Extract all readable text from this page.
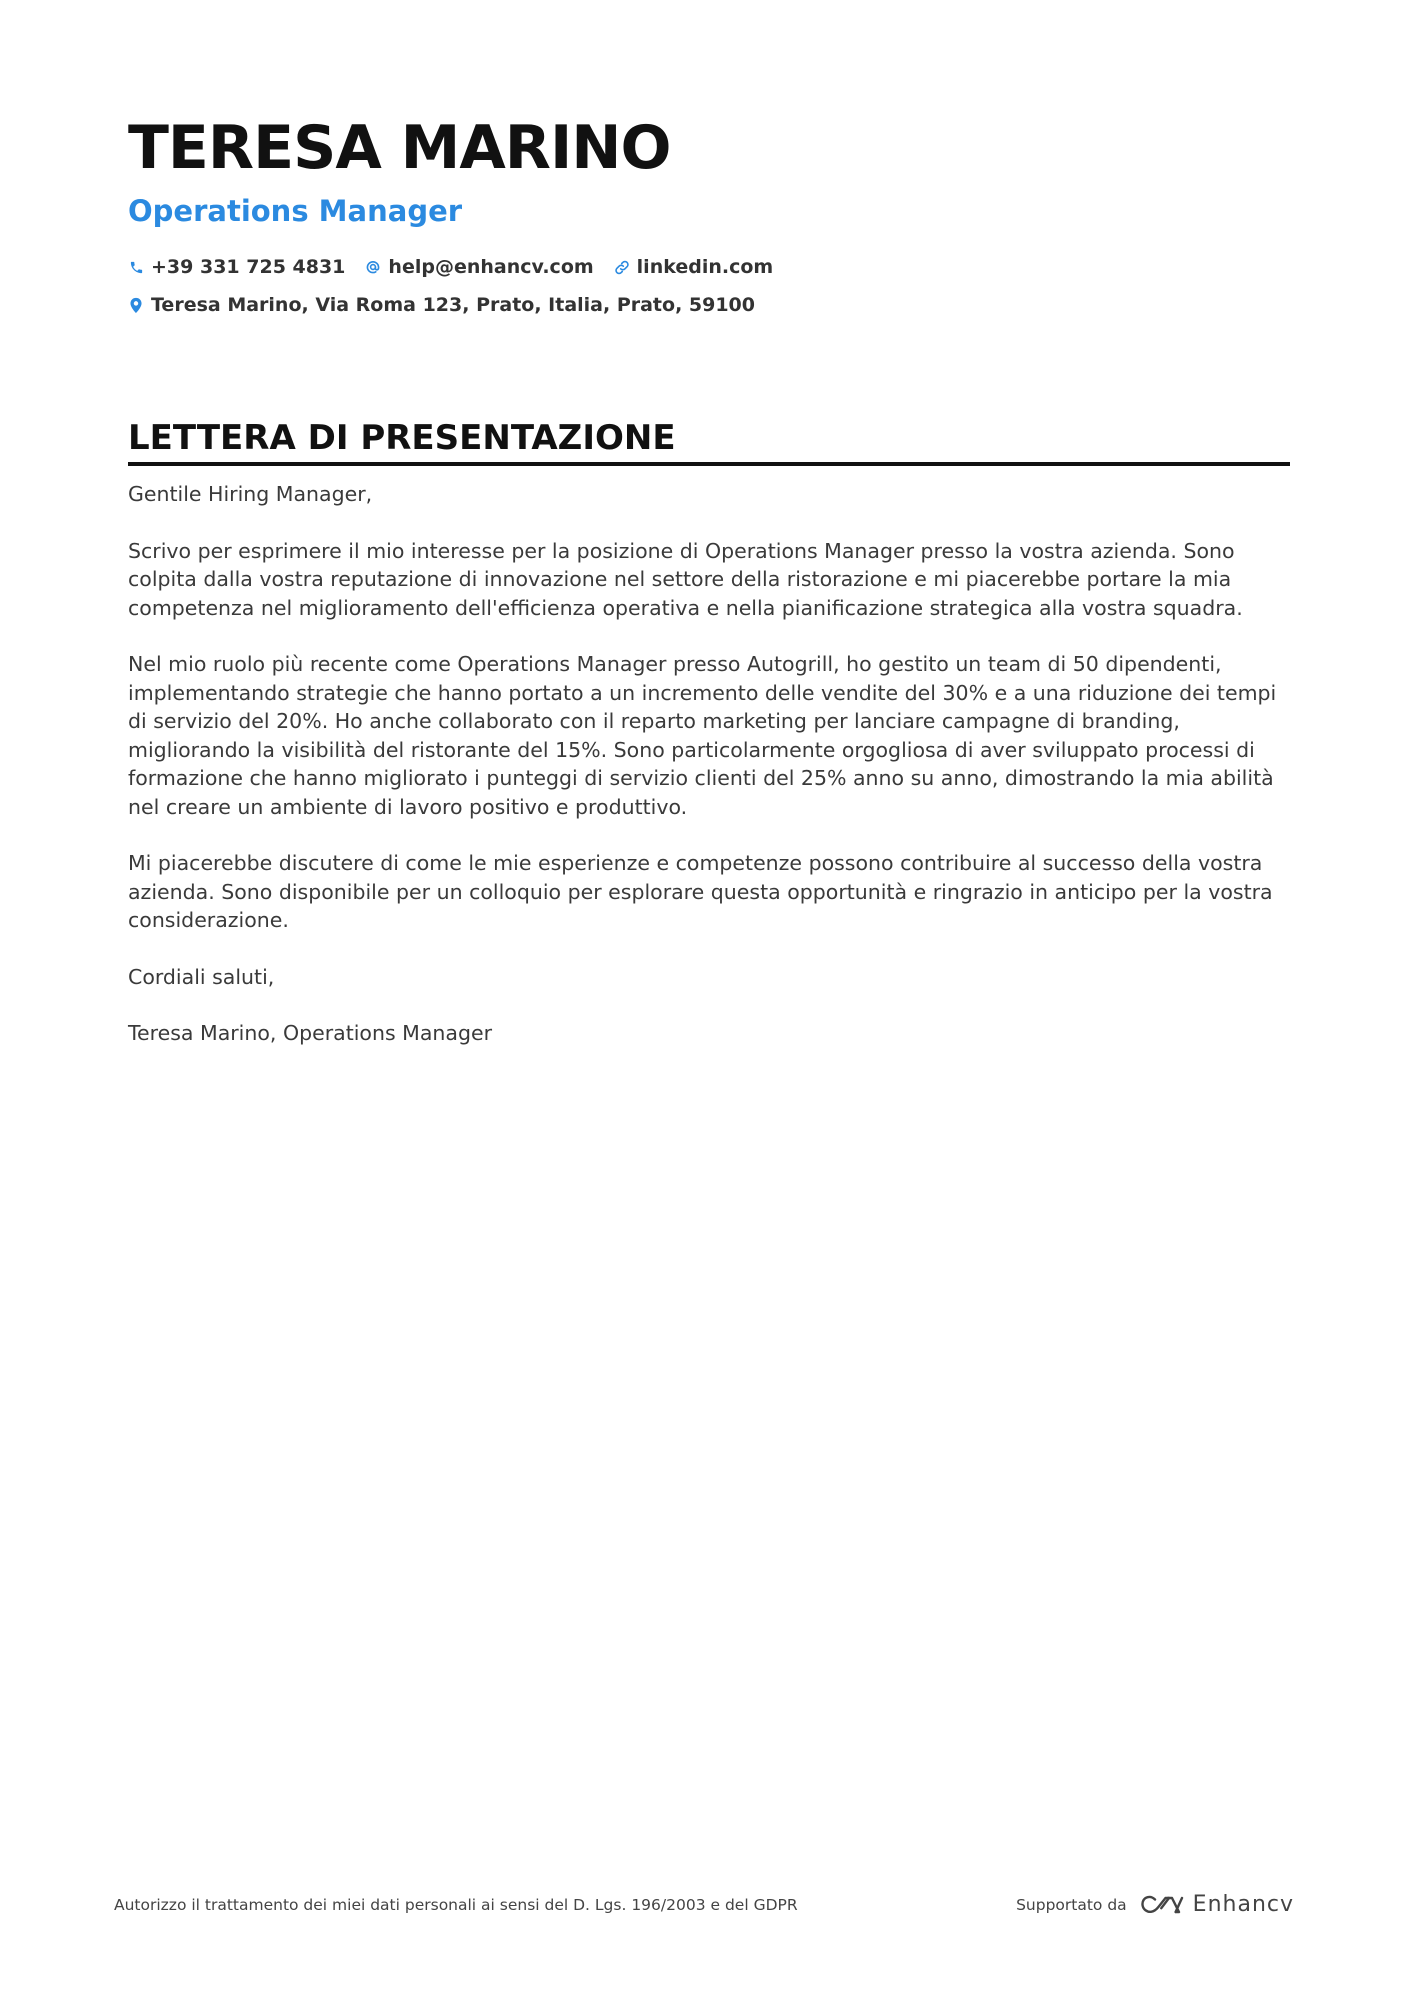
TERESA MARINO
Operations Manager
+39 331 725 4831 help@enhancv.com linkedin.com
Teresa Marino, Via Roma 123, Prato, Italia, Prato, 59100
LETTERA DI PRESENTAZIONE

Gentile Hiring Manager,

Scrivo per esprimere il mio interesse per la posizione di Operations Manager presso la vostra azienda. Sono colpita dalla vostra reputazione di innovazione nel settore della ristorazione e mi piacerebbe portare la mia competenza nel miglioramento dell'efficienza operativa e nella pianificazione strategica alla vostra squadra.

Nel mio ruolo più recente come Operations Manager presso Autogrill, ho gestito un team di 50 dipendenti, implementando strategie che hanno portato a un incremento delle vendite del 30% e a una riduzione dei tempi di servizio del 20%. Ho anche collaborato con il reparto marketing per lanciare campagne di branding, migliorando la visibilità del ristorante del 15%. Sono particolarmente orgogliosa di aver sviluppato processi di formazione che hanno migliorato i punteggi di servizio clienti del 25% anno su anno, dimostrando la mia abilità nel creare un ambiente di lavoro positivo e produttivo.

Mi piacerebbe discutere di come le mie esperienze e competenze possono contribuire al successo della vostra azienda. Sono disponibile per un colloquio per esplorare questa opportunità e ringrazio in anticipo per la vostra considerazione.

Cordiali saluti,

Teresa Marino, Operations Manager

Autorizzo il trattamento dei miei dati personali ai sensi del D. Lgs. 196/2003 e del GDPR	Supportato da	Enhancv
